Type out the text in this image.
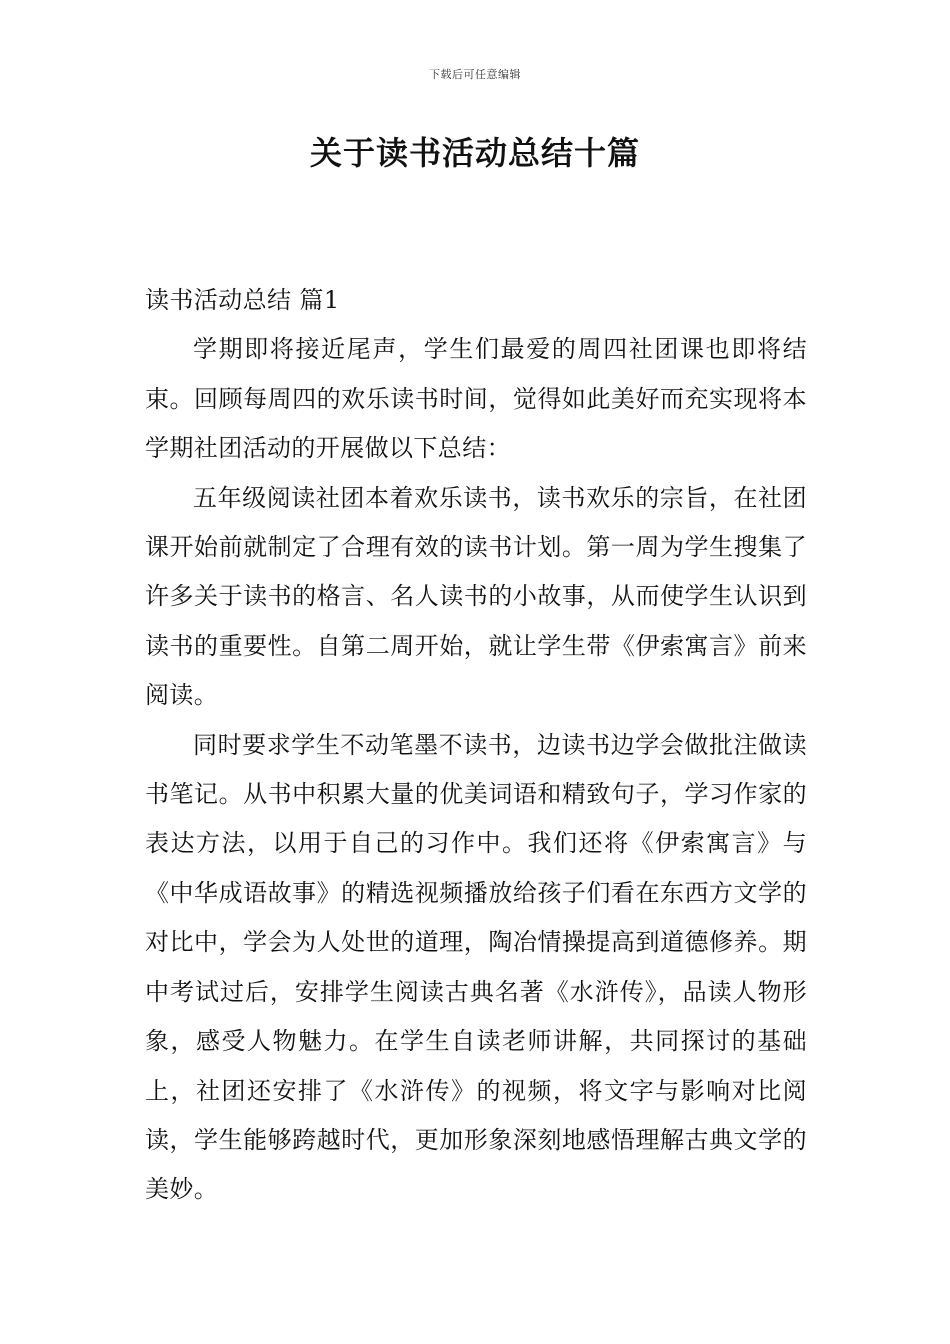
下载后可任意编辑
关于读书活动总结十篇

读书活动总结 篇1

学期即将接近尾声，学生们最爱的周四社团课也即将结束。回顾每周四的欢乐读书时间，觉得如此美好而充实现将本学期社团活动的开展做以下总结：

五年级阅读社团本着欢乐读书，读书欢乐的宗旨，在社团课开始前就制定了合理有效的读书计划。第一周为学生搜集了许多关于读书的格言、名人读书的小故事，从而使学生认识到读书的重要性。自第二周开始，就让学生带《伊索寓言》前来阅读。

同时要求学生不动笔墨不读书，边读书边学会做批注做读书笔记。从书中积累大量的优美词语和精致句子，学习作家的表达方法，以用于自己的习作中。我们还将《伊索寓言》与《中华成语故事》的精选视频播放给孩子们看在东西方文学的对比中，学会为人处世的道理，陶冶情操提高到道德修养。期中考试过后，安排学生阅读古典名著《水浒传》，品读人物形象，感受人物魅力。在学生自读老师讲解，共同探讨的基础上，社团还安排了《水浒传》的视频，将文字与影响对比阅读，学生能够跨越时代，更加形象深刻地感悟理解古典文学的美妙。
